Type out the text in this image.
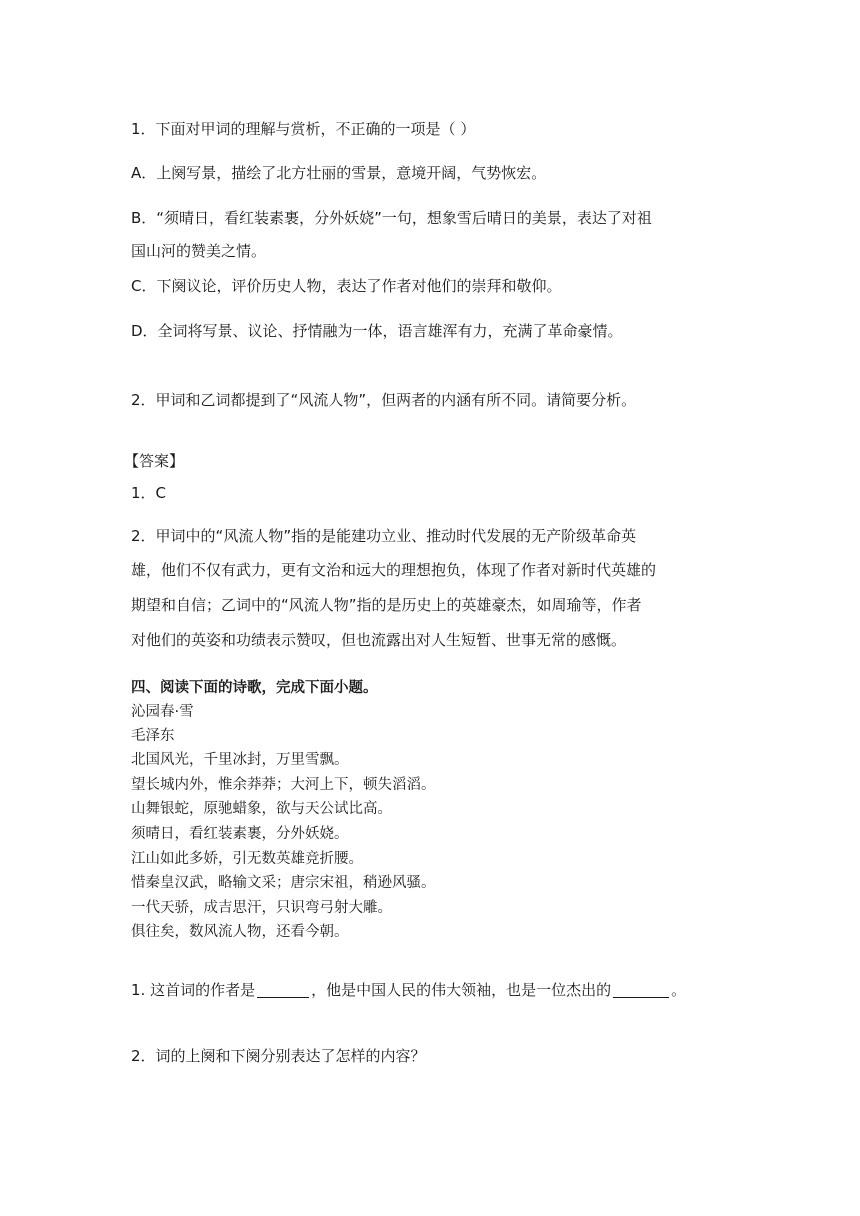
1．下面对甲词的理解与赏析，不正确的一项是（ ）
A．上阕写景，描绘了北方壮丽的雪景，意境开阔，气势恢宏。
B．“须晴日，看红装素裹，分外妖娆”一句，想象雪后晴日的美景，表达了对祖
国山河的赞美之情。
C．下阕议论，评价历史人物，表达了作者对他们的崇拜和敬仰。
D．全词将写景、议论、抒情融为一体，语言雄浑有力，充满了革命豪情。
2．甲词和乙词都提到了“风流人物”，但两者的内涵有所不同。请简要分析。
【答案】
1．C
2．甲词中的“风流人物”指的是能建功立业、推动时代发展的无产阶级革命英
雄，他们不仅有武力，更有文治和远大的理想抱负，体现了作者对新时代英雄的
期望和自信；乙词中的“风流人物”指的是历史上的英雄豪杰，如周瑜等，作者
对他们的英姿和功绩表示赞叹，但也流露出对人生短暂、世事无常的感慨。
四、阅读下面的诗歌，完成下面小题。
沁园春·雪
毛泽东
北国风光，千里冰封，万里雪飘。
望长城内外，惟余莽莽；大河上下，顿失滔滔。
山舞银蛇，原驰蜡象，欲与天公试比高。
须晴日，看红装素裹，分外妖娆。
江山如此多娇，引无数英雄竞折腰。
惜秦皇汉武，略输文采；唐宗宋祖，稍逊风骚。
一代天骄，成吉思汗，只识弯弓射大雕。
俱往矣，数风流人物，还看今朝。
1. 这首词的作者是	，他是中国人民的伟大领袖，也是一位杰出的	。
2．词的上阕和下阕分别表达了怎样的内容？
